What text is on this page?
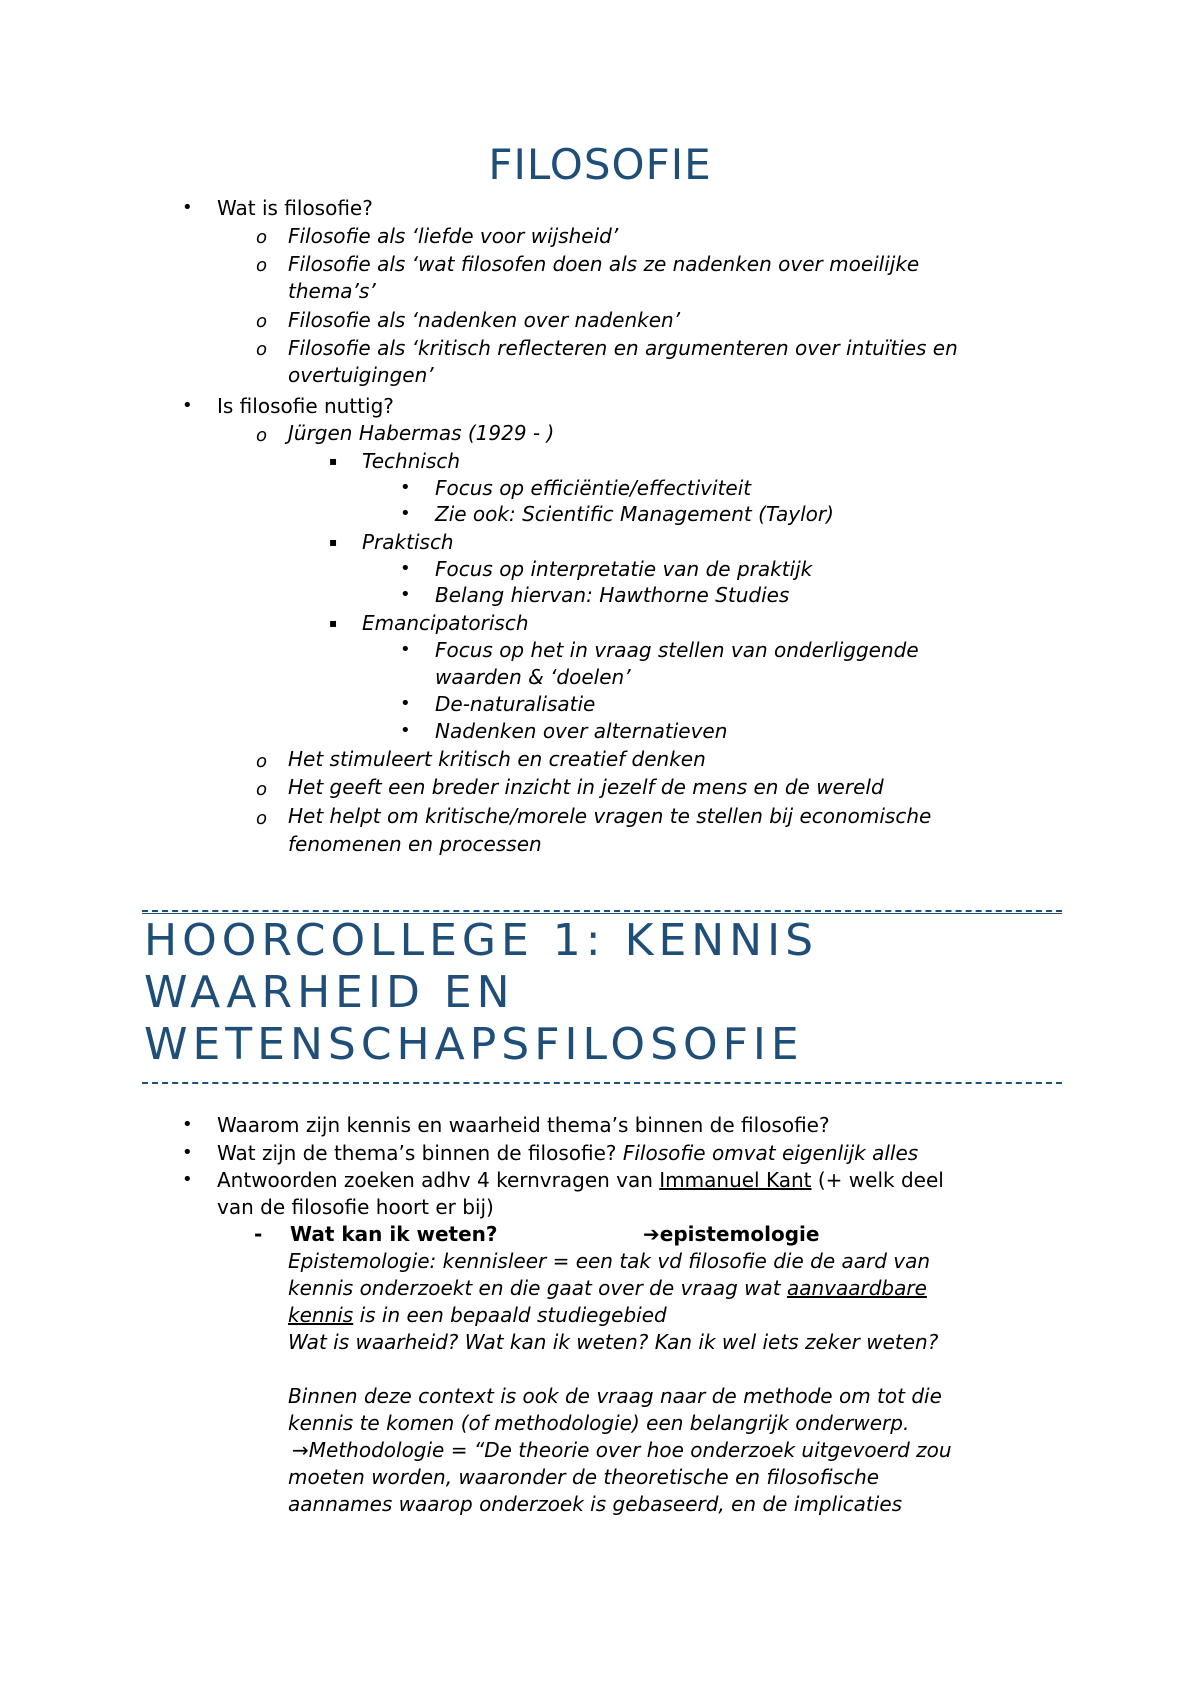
FILOSOFIE
• Wat is filosofie?
o Filosofie als ‘liefde voor wijsheid’
o Filosofie als ‘wat filosofen doen als ze nadenken over moeilijke
thema’s’
o Filosofie als ‘nadenken over nadenken’
o Filosofie als ‘kritisch reflecteren en argumenteren over intuïties en
overtuigingen’
• Is filosofie nuttig?
o Jürgen Habermas (1929 - )
▪ Technisch
• Focus op efficiëntie/effectiviteit
• Zie ook: Scientific Management (Taylor)
▪ Praktisch
• Focus op interpretatie van de praktijk
• Belang hiervan: Hawthorne Studies
▪ Emancipatorisch
• Focus op het in vraag stellen van onderliggende
waarden & ‘doelen’
• De-naturalisatie
• Nadenken over alternatieven
o Het stimuleert kritisch en creatief denken
o Het geeft een breder inzicht in jezelf de mens en de wereld
o Het helpt om kritische/morele vragen te stellen bij economische
fenomenen en processen
HOORCOLLEGE 1: KENNIS
WAARHEID EN
WETENSCHAPSFILOSOFIE
• Waarom zijn kennis en waarheid thema’s binnen de filosofie?
• Wat zijn de thema’s binnen de filosofie? Filosofie omvat eigenlijk alles
• Antwoorden zoeken adhv 4 kernvragen van Immanuel Kant (+ welk deel
van de filosofie hoort er bij)
- Wat kan ik weten?	➔epistemologie
Epistemologie: kennisleer = een tak vd filosofie die de aard van
kennis onderzoekt en die gaat over de vraag wat aanvaardbare
kennis is in een bepaald studiegebied
Wat is waarheid? Wat kan ik weten? Kan ik wel iets zeker weten?
Binnen deze context is ook de vraag naar de methode om tot die
kennis te komen (of methodologie) een belangrijk onderwerp.
→Methodologie = “De theorie over hoe onderzoek uitgevoerd zou
moeten worden, waaronder de theoretische en filosofische
aannames waarop onderzoek is gebaseerd, en de implicaties
